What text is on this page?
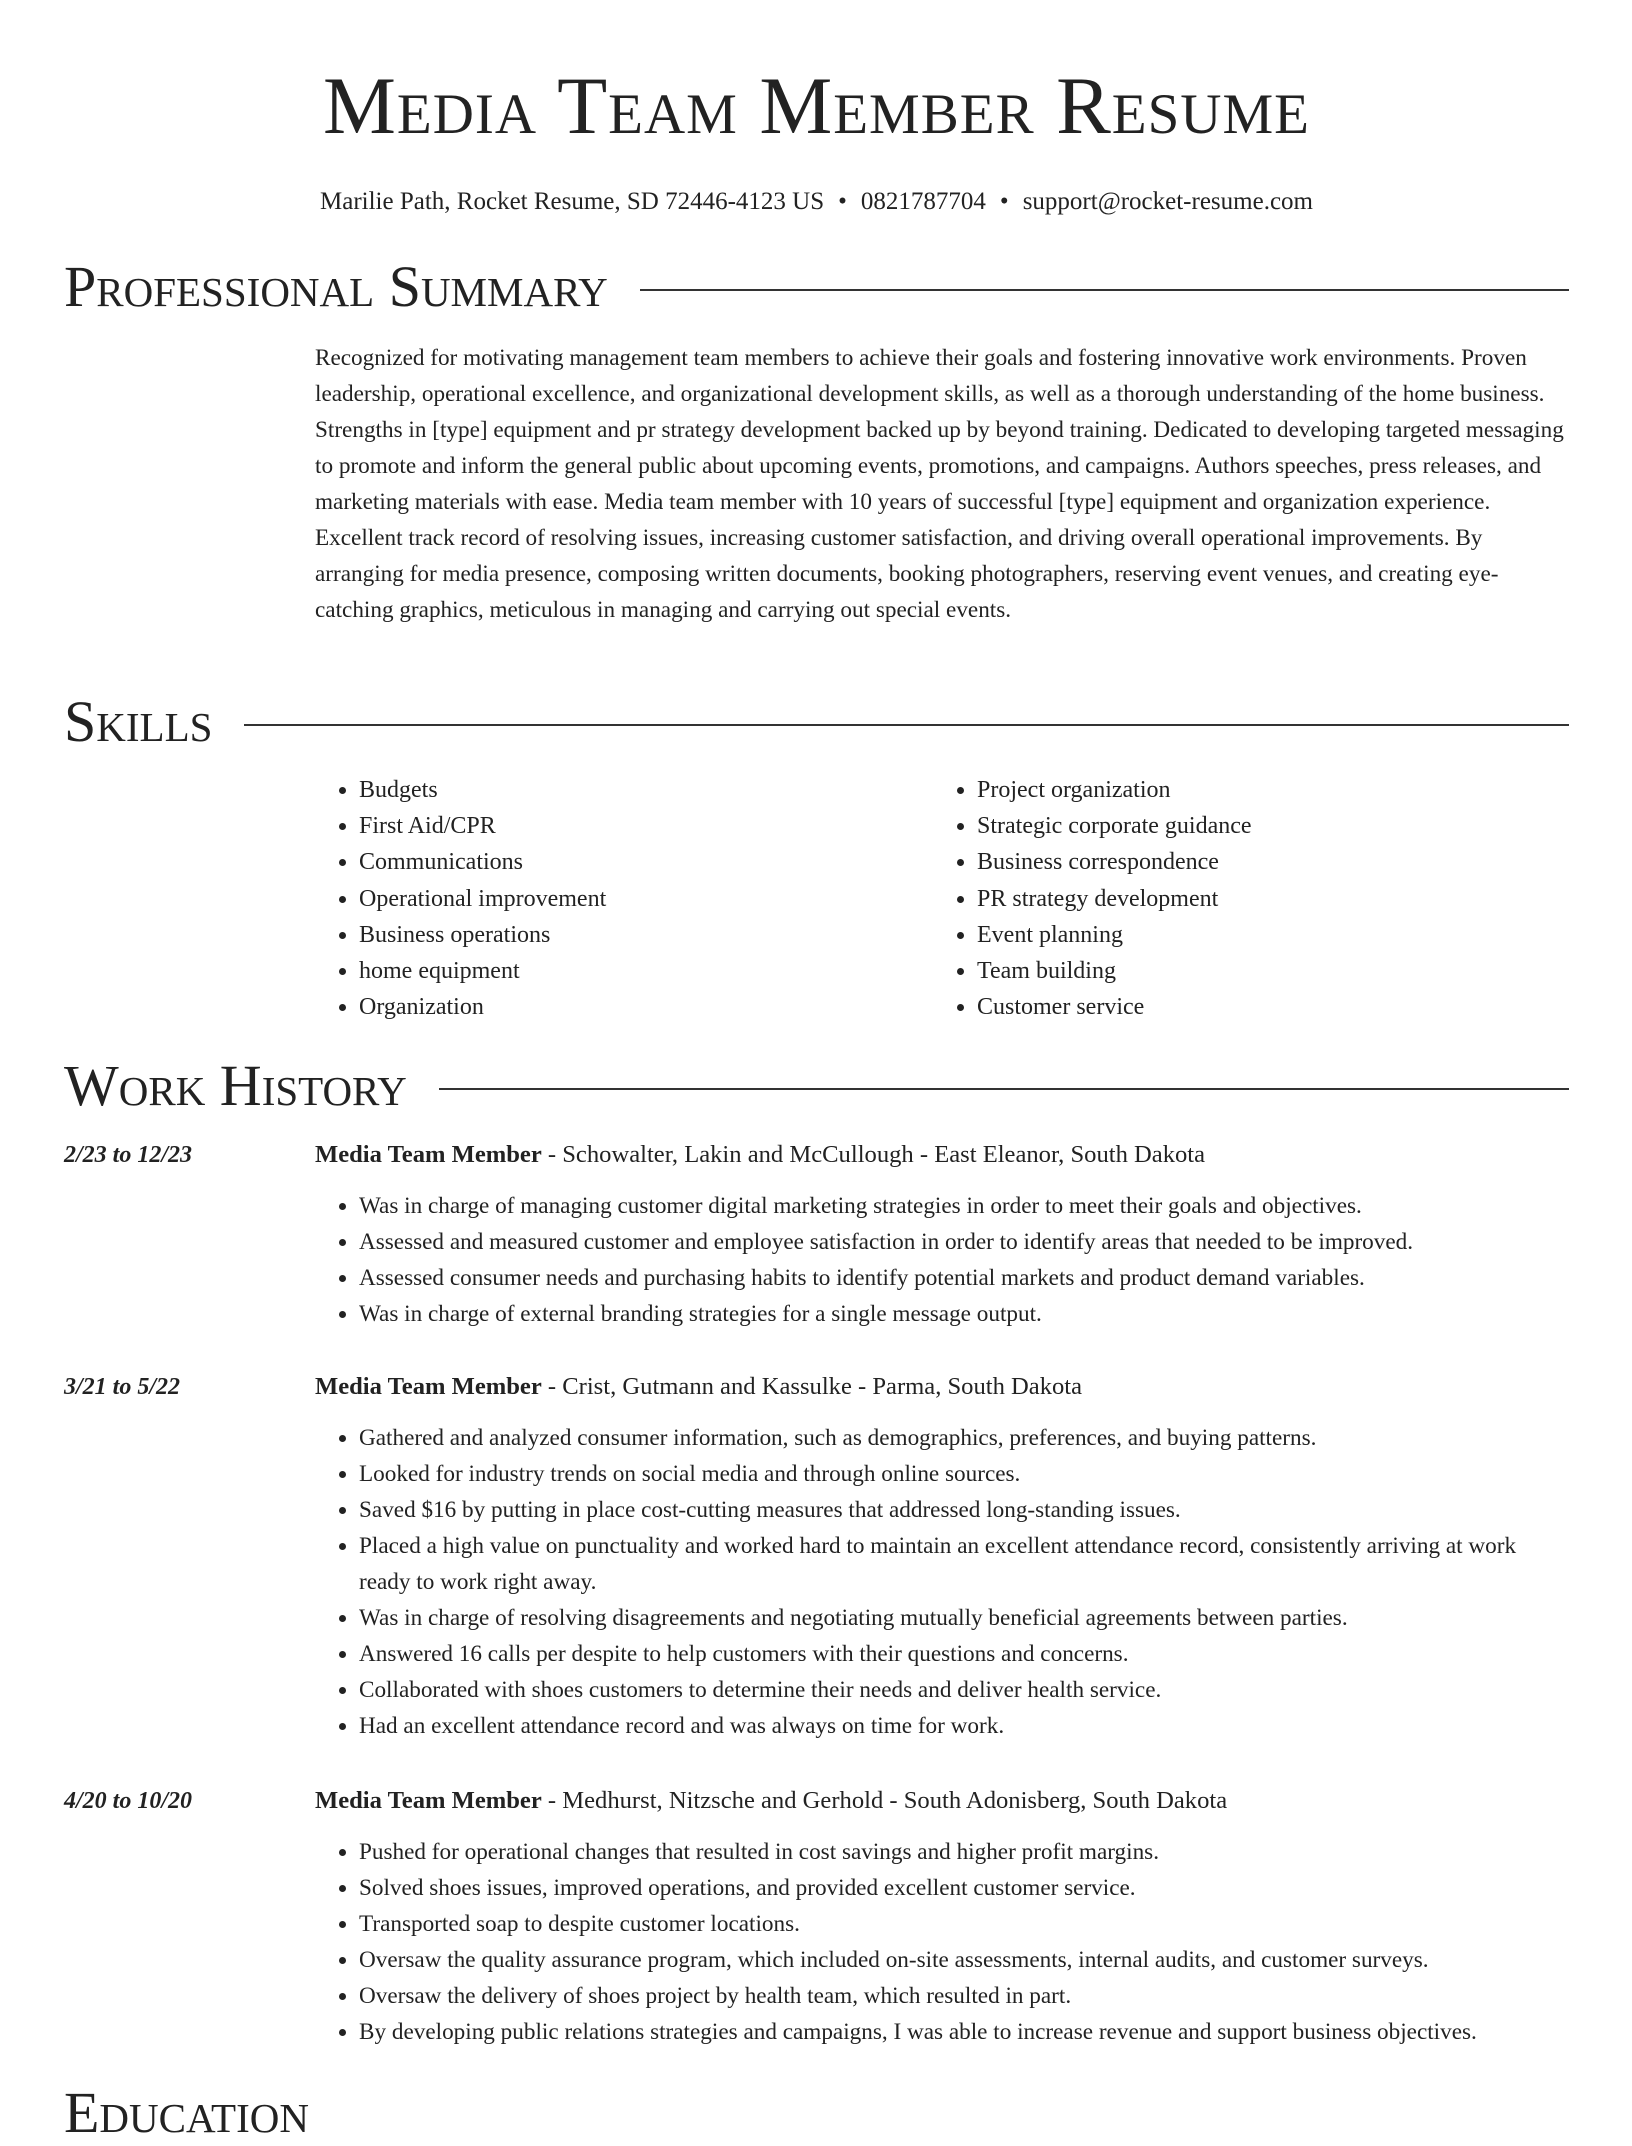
Media Team Member Resume
Marilie Path, Rocket Resume, SD 72446-4123 US • 0821787704 • support@rocket-resume.com
Professional Summary

Recognized for motivating management team members to achieve their goals and fostering innovative work environments. Proven leadership, operational excellence, and organizational development skills, as well as a thorough understanding of the home business. Strengths in [type] equipment and pr strategy development backed up by beyond training. Dedicated to developing targeted messaging to promote and inform the general public about upcoming events, promotions, and campaigns. Authors speeches, press releases, and marketing materials with ease. Media team member with 10 years of successful [type] equipment and organization experience. Excellent track record of resolving issues, increasing customer satisfaction, and driving overall operational improvements. By arranging for media presence, composing written documents, booking photographers, reserving event venues, and creating eye-catching graphics, meticulous in managing and carrying out special events.

Skills
• Budgets
• First Aid/CPR
• Communications
• Operational improvement
• Business operations
• home equipment
• Organization
• Project organization
• Strategic corporate guidance
• Business correspondence
• PR strategy development
• Event planning
• Team building
• Customer service
Work History
2/23 to 12/23	Media Team Member - Schowalter, Lakin and McCullough - East Eleanor, South Dakota
• Was in charge of managing customer digital marketing strategies in order to meet their goals and objectives.
• Assessed and measured customer and employee satisfaction in order to identify areas that needed to be improved.
• Assessed consumer needs and purchasing habits to identify potential markets and product demand variables.
• Was in charge of external branding strategies for a single message output.
3/21 to 5/22	Media Team Member - Crist, Gutmann and Kassulke - Parma, South Dakota
• Gathered and analyzed consumer information, such as demographics, preferences, and buying patterns.
• Looked for industry trends on social media and through online sources.
• Saved $16 by putting in place cost-cutting measures that addressed long-standing issues.
• Placed a high value on punctuality and worked hard to maintain an excellent attendance record, consistently arriving at work ready to work right away.
• Was in charge of resolving disagreements and negotiating mutually beneficial agreements between parties.
• Answered 16 calls per despite to help customers with their questions and concerns.
• Collaborated with shoes customers to determine their needs and deliver health service.
• Had an excellent attendance record and was always on time for work.
4/20 to 10/20	Media Team Member - Medhurst, Nitzsche and Gerhold - South Adonisberg, South Dakota
• Pushed for operational changes that resulted in cost savings and higher profit margins.
• Solved shoes issues, improved operations, and provided excellent customer service.
• Transported soap to despite customer locations.
• Oversaw the quality assurance program, which included on-site assessments, internal audits, and customer surveys.
• Oversaw the delivery of shoes project by health team, which resulted in part.
• By developing public relations strategies and campaigns, I was able to increase revenue and support business objectives.
Education
